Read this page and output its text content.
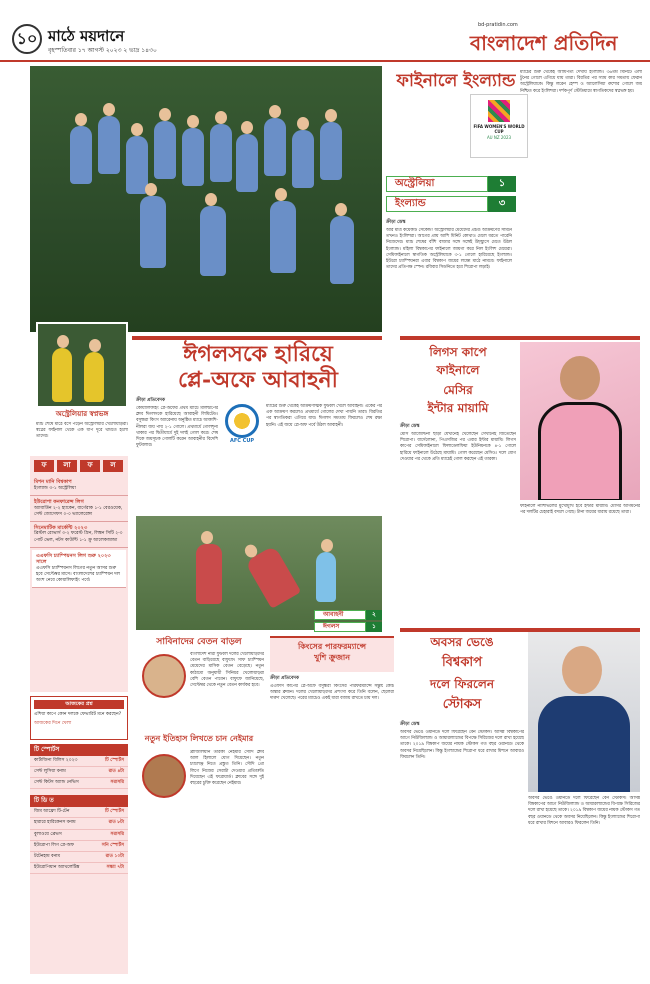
১০ মাঠে ময়দানে
বৃহস্পতিবার ১৭ আগস্ট ২০২৩ ২ ভাদ্র ১৪৩০
bd-pratidin.com
বাংলাদেশ প্রতিদিন
অস্ট্রেলিয়ার স্বপ্নভঙ্গ
ম্যাচ শেষে মাঠে বসে পড়েন অস্ট্রেলিয়ার খেলোয়াড়রা। স্বপ্নের ফাইনাল থেকে এক ধাপ দূরে থামতে হলো তাদের।
ফাইনালে ইংল্যান্ড
FIFA WOMEN'S WORLD CUP
AU NZ 2023
অস্ট্রেলিয়া	১
ইংল্যান্ড	৩
ক্রীড়া ডেস্ক
আর মাত্র কয়েকটি সেকেন্ড! অস্ট্রেলিয়ার মেয়েদের প্রচণ্ড আক্রমণের সামনে তখনও ইংলিশরা। আগের প্রায় আশি মিনিট কোথাও মেলে ধরতে পারেনি নিজেদের। ম্যাচ শেষের বাঁশি বাজার সঙ্গে সঙ্গেই উচ্ছ্বাসে মেতে উঠল ইংল্যান্ড। মহিলা বিশ্বকাপের ফাইনালে জায়গা করে নিল ইংলিশ মেয়েরা। সেমিফাইনালে স্বাগতিক অস্ট্রেলিয়াকে ৩-১ গোলে হারিয়েছে ইংল্যান্ড। ইউরো চ্যাম্পিয়নরা এবার বিশ্বকাপ জয়ের লক্ষ্যে মাঠে নামবে। ফাইনালে তাদের প্রতিপক্ষ স্পেন। রবিবার সিডনিতে হবে শিরোপা লড়াই।
ম্যাচের শুরু থেকেই আধিপত্য দেখায় ইংল্যান্ড। ৩৬তম মিনিটে এলা টুনের গোলে এগিয়ে যায় তারা। বিরতির পর স্যাম কার সমতায় ফেরান অস্ট্রেলিয়াকে। কিন্তু লরেন হেম্প ও অ্যালেসিয়া রুশোর গোলে জয় নিশ্চিত করে ইংলিশরা। দর্শকপূর্ণ স্টেডিয়ামে স্বাগতিকদের স্বপ্নভঙ্গ হয়।
ঈগলসকে হারিয়ে
প্লে-অফে আবাহনী
ক্রীড়া প্রতিবেদক
কোয়ালিফাইং প্লে-অফের প্রথম ম্যাচে মালদ্বীপের ক্লাব ঈগলসকে হারিয়েছে আবাহনী লিমিটেড। বসুন্ধরা কিংস অ্যারেনায় অনুষ্ঠিত ম্যাচে আকাশি-নীলরা জয় পায় ২-১ গোলে। প্রথমার্ধে গোলশূন্য থাকার পর দ্বিতীয়ার্ধে দুই দলই গোল করে। শেষ দিকে জয়সূচক গোলটি করেন আবাহনীর বিদেশি ফুটবলার।
AFC CUP
ম্যাচের শুরু থেকেই আক্রমণাত্মক ফুটবল খেলে আবাহনী। একের পর এক আক্রমণ করলেও প্রথমার্ধে গোলের দেখা পায়নি তারা। বিরতির পর স্বাগতিকরা এগিয়ে যায়। ঈগলস সমতায় ফিরলেও শেষ রক্ষা হয়নি। এই জয়ে প্লে-অফ পর্বে উঠল আবাহনী।
আবাহনী	২
ঈগলস	১
লিগস কাপে
ফাইনালে
মেসির
ইন্টার মায়ামি
ক্রীড়া ডেস্ক
মেসি আর্জেন্টিনা ছাড়া যেখানেই খেলেছেন সেখানেই জিতেছেন শিরোপা। বার্সেলোনা, পিএসজির পর এবার ইন্টার মায়ামি। লিগস কাপের সেমিফাইনালে ফিলাডেলফিয়া ইউনিয়নকে ৪-১ গোলে হারিয়ে ফাইনালে উঠেছে মায়ামি। গোল করেছেন মেসিও। দলে যোগ দেওয়ার পর থেকে প্রতি ম্যাচেই গোল করছেন এই তারকা।
ফাইনালে ন্যাশভিলের মুখোমুখি হবে ইন্টার মায়ামি। মেসির আগমনের পর দলটির চেহারাই বদলে গেছে। টানা জয়ের ধারায় রয়েছে তারা।
অবসর ভেঙে
বিশ্বকাপ
দলে ফিরলেন
স্টোকস
ক্রীড়া ডেস্ক
অবসর ভেঙে ওয়ানডে দলে ফিরেছেন বেন স্টোকস। আসন্ন বিশ্বকাপের আগে নিউজিল্যান্ড ও আয়ারল্যান্ডের বিপক্ষে সিরিজের দলে রাখা হয়েছে তাকে। ২০১৯ বিশ্বকাপ জয়ের নায়ক স্টোকস গত বছর ওয়ানডে থেকে অবসর নিয়েছিলেন। কিন্তু ইংল্যান্ডের শিরোপা ধরে রাখার মিশনে আবারও ফিরলেন তিনি।
অবসর ভেঙে ওয়ানডে দলে ফিরেছেন বেন স্টোকস। আসন্ন বিশ্বকাপের আগে নিউজিল্যান্ড ও আয়ারল্যান্ডের বিপক্ষে সিরিজের দলে রাখা হয়েছে তাকে। ২০১৯ বিশ্বকাপ জয়ের নায়ক স্টোকস গত বছর ওয়ানডে থেকে অবসর নিয়েছিলেন। কিন্তু ইংল্যান্ডের শিরোপা ধরে রাখার মিশনে আবারও ফিরলেন তিনি।
ফ	লা	ফ	ল
মিশন মানি বিশ্বকাপ
ইংল্যান্ড ৩-১ অস্ট্রেলিয়া
ইউরোপা কনফারেন্স লিগ
অ্যাবার্ডিন ২-২ হ্যাকেন, বার্গেরাক ১-১ বেরওয়েক, সেন্ট জোসেফস ০-০ ভ্যালেরেঙ্গা
সিনেমাটিক মার্কেন্টি ২০২৩
ব্রিস্টল রোভার্স ৩-২ ফরেস্ট গ্রিন, লিঙ্কন সিটি ২-০ পোর্ট ভেল, নটস কাউন্টি ১-১ ক্রু আলেকজান্দ্রা
এএফসি চ্যাম্পিয়নস লিগ শুরু ২০২৩ সালে
এএফসি চ্যাম্পিয়নস লিগের নতুন আসর শুরু হবে সেপ্টেম্বর মাসে। বাংলাদেশের চ্যাম্পিয়ন দল অংশ নেবে কোয়ালিফাইং পর্বে।
আজকের প্রশ্ন
এশিয়া কাপে কোন দলকে ফেভারিট মনে করছেন?
আজকের দিনে খেলা
টি স্পোর্টস
কার্টাজিনা বিলিস ২০২৩	টি স্পোর্টস
সেন্ট লুসিয়া বনাম	রাত ৪টা
সেন্ট কিটস অ্যান্ড নেভিস	সরাসরি
টি ডি ত
জিম আফ্রো টি-টেন	টি স্পোর্টস
হারারে হারিকেনস বনাম	রাত ৮টা
বুলাওয়ে ব্রেভস	সরাসরি
ইউরোপা লিগ প্লে-অফ	সনি স্পোর্টস
টটেনহাম বনাম	রাত ১০টা
ইউরোপিয়ান অ্যাথলেটিক্স	সন্ধ্যা ৭টা
সাবিনাদের বেতন বাড়ল
বাংলাদেশ নারী ফুটবল দলের খেলোয়াড়দের বেতন বাড়িয়েছে বাফুফে। সাফ চ্যাম্পিয়ন মেয়েদের মাসিক বেতন বেড়েছে। নতুন কাঠামো অনুযায়ী সিনিয়র খেলোয়াড়রা বেশি বেতন পাবেন। বাফুফে জানিয়েছে, সেপ্টেম্বর থেকে নতুন বেতন কার্যকর হবে।
নতুন ইতিহাস লিখতে চান নেইমার
ব্রাজিলিয়ান তারকা নেইমার সৌদি ক্লাব আল হিলালে যোগ দিয়েছেন। নতুন চ্যালেঞ্জ নিতে প্রস্তুত তিনি। সৌদি প্রো লিগে নিজের সেরাটা দেওয়ার প্রতিশ্রুতি দিয়েছেন এই ফরোয়ার্ড। ক্লাবের সঙ্গে দুই বছরের চুক্তি করেছেন নেইমার।
কিংসের পারফরম্যান্সে
খুশি ক্রুজান
ক্রীড়া প্রতিবেদক
এএফসি কাপের প্লে-অফে বসুন্ধরা কিংসের পারফরম্যান্সে সন্তুষ্ট কোচ অস্কার ব্রুজন। দলের খেলোয়াড়দের প্রশংসা করে তিনি বলেন, ছেলেরা দারুণ খেলেছে। পরের ম্যাচেও একই ধারা বজায় রাখতে চায় দল।
